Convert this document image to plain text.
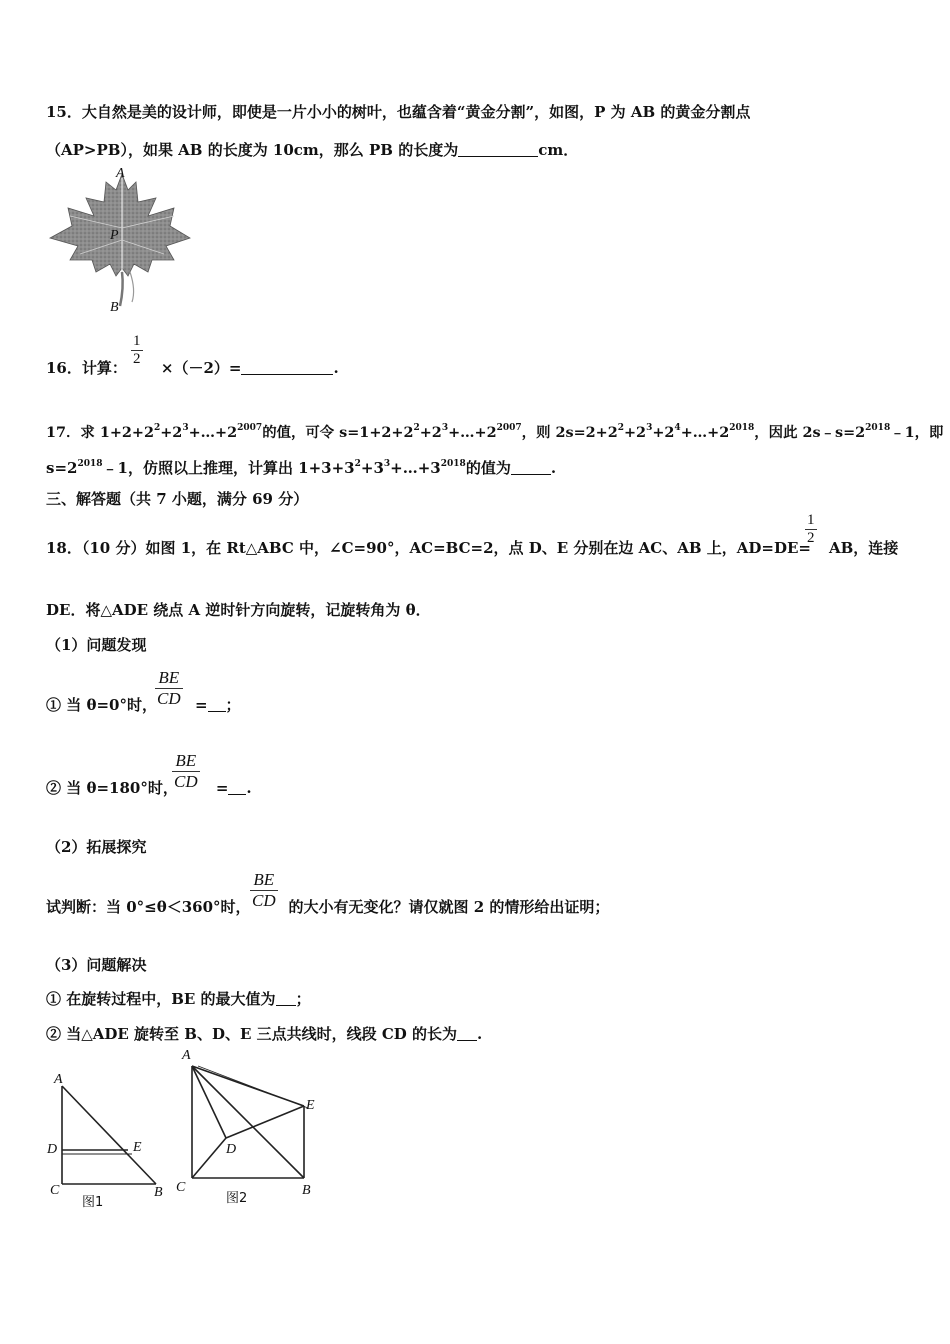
15．大自然是美的设计师，即使是一片小小的树叶，也蕴含着“黄金分割”，如图，P 为 AB 的黄金分割点
（AP>PB），如果 AB 的长度为 10cm，那么 PB 的长度为	cm．
A
P
B
16．计算： ×（－2）=	.
1
2
17．求 $1+2+2^2+2^3+\dots+2^{2007}$的值，可令 $s=1+2+2^2+2^3+\dots+2^{2007}$，则 $2s=2+2^2+2^3+2^4+\dots+2^{2018}$，因此 $2s﹣s=2^{2018}﹣1$，即
$s=2^{2018}﹣1$，仿照以上推理，计算出 $1+3+3^2+3^3+\dots+3^{2018}$的值为	.
三、解答题（共 7 小题，满分 69 分）
18．（10 分）如图 1，在 Rt△ABC 中，∠C=90°，AC=BC=2，点 D、E 分别在边 AC、AB 上，AD=DE= AB，连接
1
2
DE．将△ADE 绕点 A 逆时针方向旋转，记旋转角为 θ．
（1）问题发现
① 当 θ=0°时，	= ；
BE
CD
② 当 θ=180°时，	= .
BE
CD
（2）拓展探究
试判断：当 0°≤θ＜360°时，	的大小有无变化？请仅就图 2 的情形给出证明；
BE
CD
（3）问题解决
① 在旋转过程中，BE 的最大值为 ；
② 当△ADE 旋转至 B、D、E 三点共线时，线段 CD 的长为 .
A
D	E
C	B
图1
A
E
D
C	B
图2
